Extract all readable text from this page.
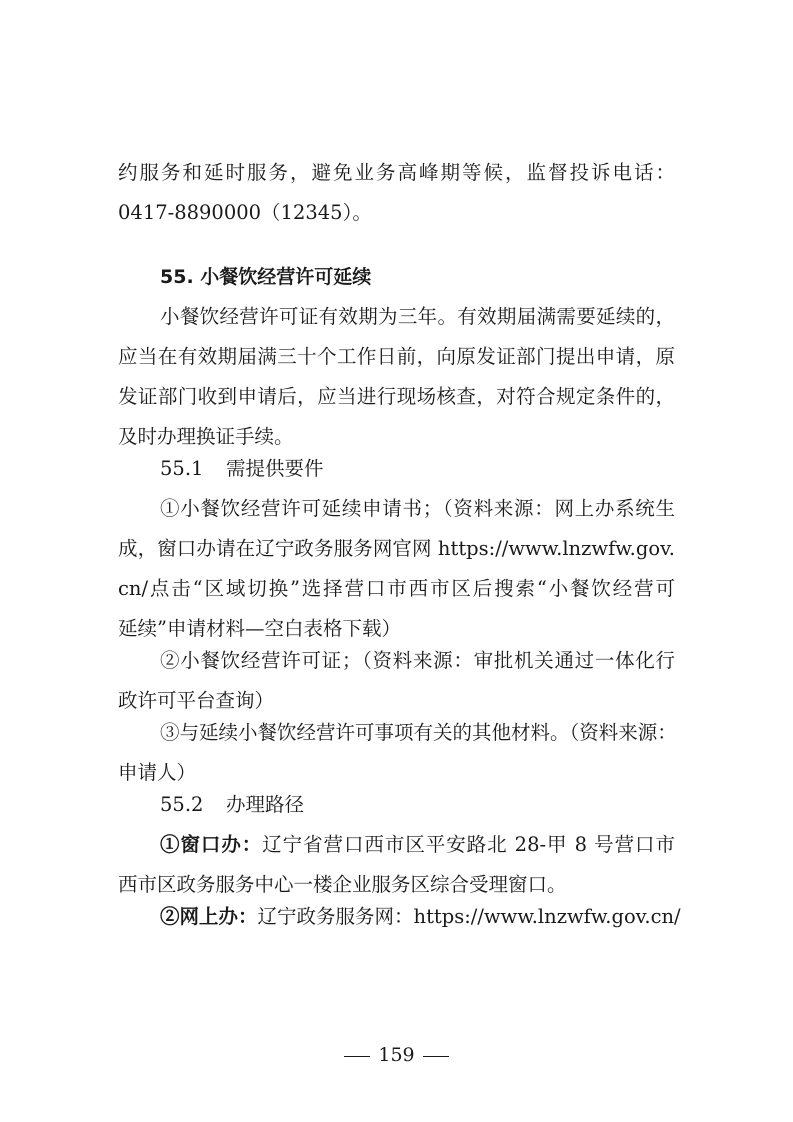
约服务和延时服务，避免业务高峰期等候，监督投诉电话：
0417-8890000（12345）。
55. 小餐饮经营许可延续
小餐饮经营许可证有效期为三年。有效期届满需要延续的，
应当在有效期届满三十个工作日前，向原发证部门提出申请，原
发证部门收到申请后，应当进行现场核查，对符合规定条件的，
及时办理换证手续。
55.1 需提供要件
①小餐饮经营许可延续申请书；（资料来源：网上办系统生
成，窗口办请在辽宁政务服务网官网 https://www.lnzwfw.gov.
cn/点击“区域切换”选择营口市西市区后搜索“小餐饮经营可
延续”申请材料—空白表格下载）
②小餐饮经营许可证；（资料来源：审批机关通过一体化行
政许可平台查询）
③与延续小餐饮经营许可事项有关的其他材料。（资料来源：
申请人）
55.2 办理路径
①窗口办：辽宁省营口西市区平安路北 28-甲 8 号营口市
西市区政务服务中心一楼企业服务区综合受理窗口。
②网上办：辽宁政务服务网：https://www.lnzwfw.gov.cn/
159
